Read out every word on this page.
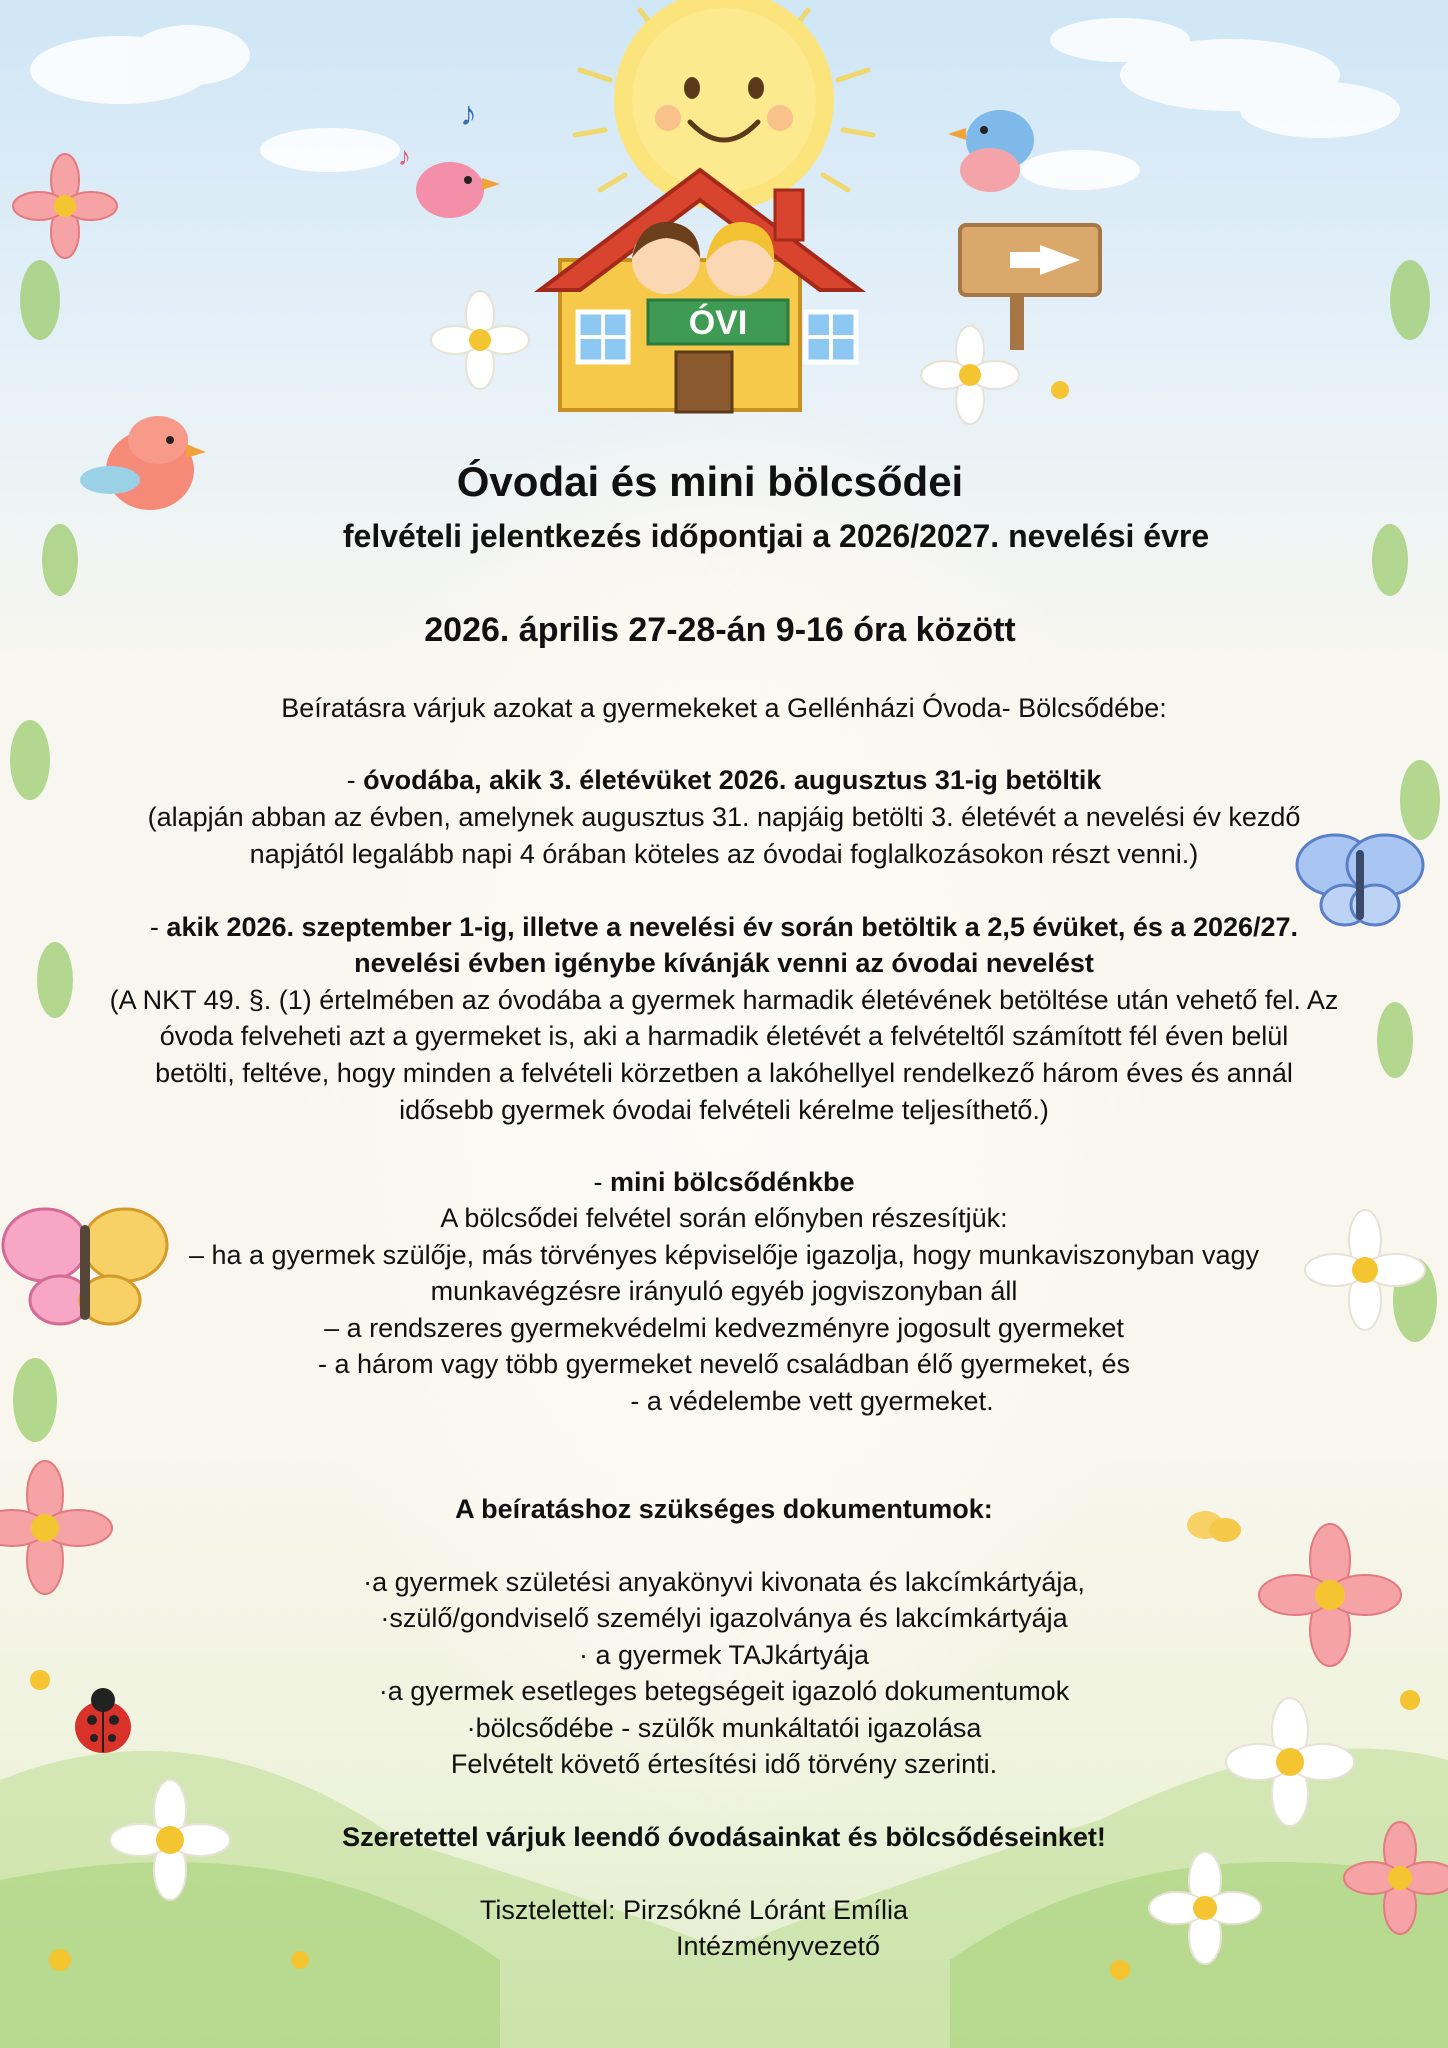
ÓVI
♪
♪
Óvodai és mini bölcsődei
felvételi jelentkezés időpontjai a 2026/2027. nevelési évre
2026. április 27-28-án 9-16 óra között
Beíratásra várjuk azokat a gyermekeket a Gellénházi Óvoda- Bölcsődébe:
- óvodába, akik 3. életévüket 2026. augusztus 31-ig betöltik
(alapján abban az évben, amelynek augusztus 31. napjáig betölti 3. életévét a nevelési év kezdő
napjától legalább napi 4 órában köteles az óvodai foglalkozásokon részt venni.)
- akik 2026. szeptember 1-ig, illetve a nevelési év során betöltik a 2,5 évüket, és a 2026/27.
nevelési évben igénybe kívánják venni az óvodai nevelést
(A NKT 49. §. (1) értelmében az óvodába a gyermek harmadik életévének betöltése után vehető fel. Az
óvoda felveheti azt a gyermeket is, aki a harmadik életévét a felvételtől számított fél éven belül
betölti, feltéve, hogy minden a felvételi körzetben a lakóhellyel rendelkező három éves és annál
idősebb gyermek óvodai felvételi kérelme teljesíthető.)
- mini bölcsődénkbe
A bölcsődei felvétel során előnyben részesítjük:
– ha a gyermek szülője, más törvényes képviselője igazolja, hogy munkaviszonyban vagy
munkavégzésre irányuló egyéb jogviszonyban áll
– a rendszeres gyermekvédelmi kedvezményre jogosult gyermeket
- a három vagy több gyermeket nevelő családban élő gyermeket, és
- a védelembe vett gyermeket.
A beíratáshoz szükséges dokumentumok:
·a gyermek születési anyakönyvi kivonata és lakcímkártyája,
·szülő/gondviselő személyi igazolványa és lakcímkártyája
· a gyermek TAJkártyája
·a gyermek esetleges betegségeit igazoló dokumentumok
·bölcsődébe - szülők munkáltatói igazolása
Felvételt követő értesítési idő törvény szerinti.
Szeretettel várjuk leendő óvodásainkat és bölcsődéseinket!
Tisztelettel: Pirzsókné Lóránt Emília
Intézményvezető
